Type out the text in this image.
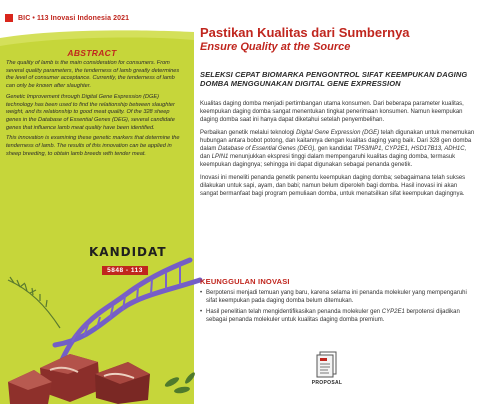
BIC • 113 Inovasi Indonesia 2021
ABSTRACT

The quality of lamb is the main consideration for consumers. From several quality parameters, the tenderness of lamb greatly determines the level of consumer acceptance. Currently, the tenderness of lamb can only be known after slaughter.

Genetic Improvement through Digital Gene Expression (DGE) technology has been used to find the relationship between slaughter weight, and its relationship to good meat quality. Of the 328 sheep genes in the Database of Essential Genes (DEG), several candidate genes that influence lamb meat quality have been identified.

This innovation is examining these genetic markers that determine the tenderness of lamb. The results of this innovation can be applied in sheep breeding, to obtain lamb breeds with tender meat.

KANDIDAT
5848 - 113
Pastikan Kualitas dari Sumbernya
Ensure Quality at the Source
SELEKSI CEPAT BIOMARKA PENGONTROL SIFAT KEEMPUKAN DAGING DOMBA MENGGUNAKAN DIGITAL GENE EXPRESSION

Kualitas daging domba menjadi pertimbangan utama konsumen. Dari beberapa parameter kualitas, keempukan daging domba sangat menentukan tingkat penerimaan konsumen. Namun keempukan daging domba saat ini hanya dapat diketahui setelah penyembelihan.

Perbaikan genetik melalui teknologi Digital Gene Expression (DGE) telah digunakan untuk menemukan hubungan antara bobot potong, dan kaitannya dengan kualitas daging yang baik. Dari 328 gen domba dalam Database of Essential Genes (DEG), gen kandidat TP53INP1, CYP2E1, HSD17B13, ADH1C, dan LPIN1 menunjukkan ekspresi tinggi dalam mempengaruhi kualitas daging domba, termasuk keempukan dagingnya; sehingga ini dapat digunakan sebagai penanda genetik.

Inovasi ini meneliti penanda genetik penentu keempukan daging domba; sebagaimana telah sukses dilakukan untuk sapi, ayam, dan babi; namun belum diperoleh bagi domba. Hasil inovasi ini akan sangat bermanfaat bagi program pemuliaan domba, untuk menatsilkan sifat keempukan dagingnya.

KEUNGGULAN INOVASI
• Berpotensi menjadi temuan yang baru, karena selama ini penanda molekuler yang mempengaruhi sifat keempukan pada daging domba belum ditemukan.
• Hasil penelitian telah mengidentifikasikan penanda molekuler gen CYP2E1 berpotensi dijadikan sebagai penanda molekuler untuk kualitas daging domba premium.
PROPOSAL
